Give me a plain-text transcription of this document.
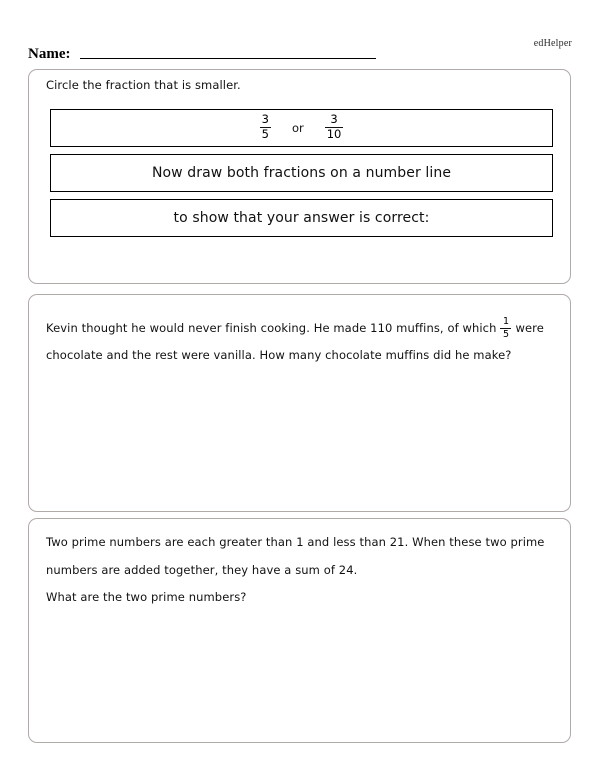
edHelper
Name:
Circle the fraction that is smaller.
$\frac{3}{5}$ or $\frac{3}{10}$
Now draw both fractions on a number line
to show that your answer is correct:
Kevin thought he would never finish cooking. He made 110 muffins, of which $\frac{1}{5}$ were
chocolate and the rest were vanilla. How many chocolate muffins did he make?
Two prime numbers are each greater than 1 and less than 21. When these two prime
numbers are added together, they have a sum of 24.
What are the two prime numbers?
